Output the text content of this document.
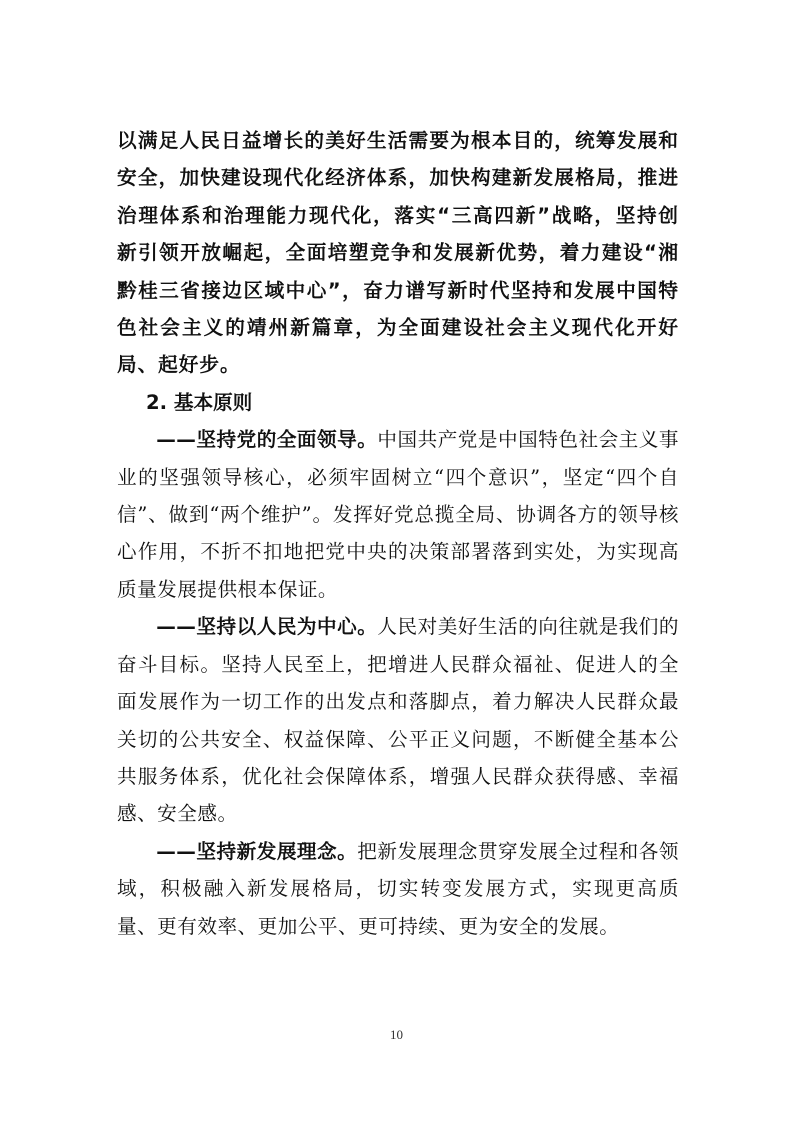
以满足人民日益增长的美好生活需要为根本目的，统筹发展和安全，加快建设现代化经济体系，加快构建新发展格局，推进治理体系和治理能力现代化，落实“三高四新”战略，坚持创新引领开放崛起，全面培塑竞争和发展新优势，着力建设“湘黔桂三省接边区域中心”，奋力谱写新时代坚持和发展中国特色社会主义的靖州新篇章，为全面建设社会主义现代化开好局、起好步。

2. 基本原则

——坚持党的全面领导。中国共产党是中国特色社会主义事业的坚强领导核心，必须牢固树立“四个意识”，坚定“四个自信”、做到“两个维护”。发挥好党总揽全局、协调各方的领导核心作用，不折不扣地把党中央的决策部署落到实处，为实现高质量发展提供根本保证。

——坚持以人民为中心。人民对美好生活的向往就是我们的奋斗目标。坚持人民至上，把增进人民群众福祉、促进人的全面发展作为一切工作的出发点和落脚点，着力解决人民群众最关切的公共安全、权益保障、公平正义问题，不断健全基本公共服务体系，优化社会保障体系，增强人民群众获得感、幸福感、安全感。

——坚持新发展理念。把新发展理念贯穿发展全过程和各领域，积极融入新发展格局，切实转变发展方式，实现更高质量、更有效率、更加公平、更可持续、更为安全的发展。

10
